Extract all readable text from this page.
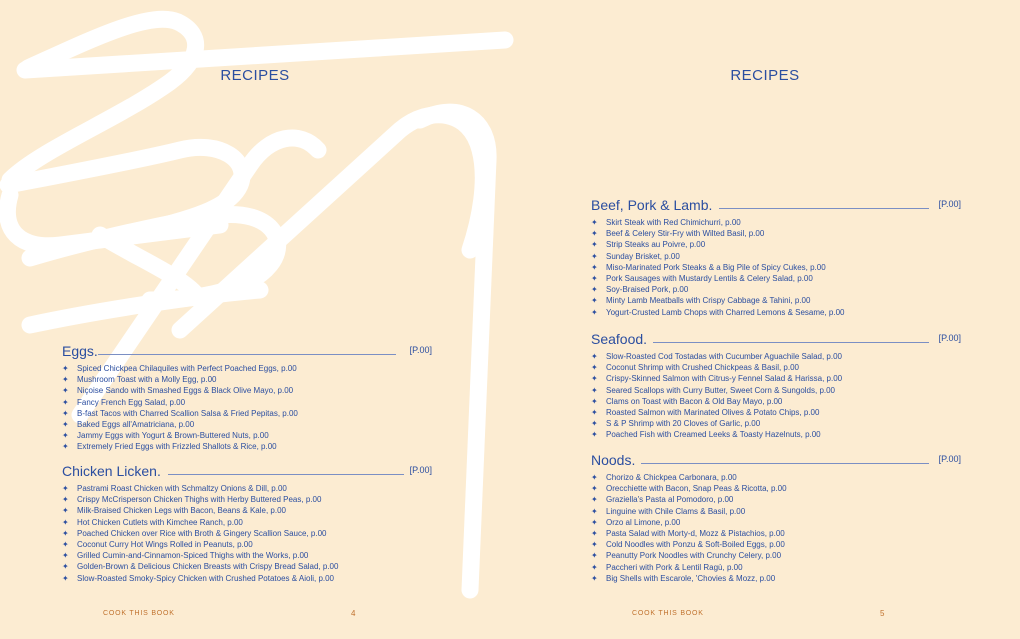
RECIPES
Eggs.	[P.00]
✦ Spiced Chickpea Chilaquiles with Perfect Poached Eggs, p.00
✦ Mushroom Toast with a Molly Egg, p.00
✦ Niçoise Sando with Smashed Eggs & Black Olive Mayo, p.00
✦ Fancy French Egg Salad, p.00
✦ B-fast Tacos with Charred Scallion Salsa & Fried Pepitas, p.00
✦ Baked Eggs all'Amatriciana, p.00
✦ Jammy Eggs with Yogurt & Brown-Buttered Nuts, p.00
✦ Extremely Fried Eggs with Frizzled Shallots & Rice, p.00
Chicken Licken.	[P.00]
✦ Pastrami Roast Chicken with Schmaltzy Onions & Dill, p.00
✦ Crispy McCrisperson Chicken Thighs with Herby Buttered Peas, p.00
✦ Milk-Braised Chicken Legs with Bacon, Beans & Kale, p.00
✦ Hot Chicken Cutlets with Kimchee Ranch, p.00
✦ Poached Chicken over Rice with Broth & Gingery Scallion Sauce, p.00
✦ Coconut Curry Hot Wings Rolled in Peanuts, p.00
✦ Grilled Cumin-and-Cinnamon-Spiced Thighs with the Works, p.00
✦ Golden-Brown & Delicious Chicken Breasts with Crispy Bread Salad, p.00
✦ Slow-Roasted Smoky-Spicy Chicken with Crushed Potatoes & Aioli, p.00
COOK THIS BOOK	4
RECIPES
Beef, Pork & Lamb.	[P.00]
✦ Skirt Steak with Red Chimichurri, p.00
✦ Beef & Celery Stir-Fry with Wilted Basil, p.00
✦ Strip Steaks au Poivre, p.00
✦ Sunday Brisket, p.00
✦ Miso-Marinated Pork Steaks & a Big Pile of Spicy Cukes, p.00
✦ Pork Sausages with Mustardy Lentils & Celery Salad, p.00
✦ Soy-Braised Pork, p.00
✦ Minty Lamb Meatballs with Crispy Cabbage & Tahini, p.00
✦ Yogurt-Crusted Lamb Chops with Charred Lemons & Sesame, p.00
Seafood.	[P.00]
✦ Slow-Roasted Cod Tostadas with Cucumber Aguachile Salad, p.00
✦ Coconut Shrimp with Crushed Chickpeas & Basil, p.00
✦ Crispy-Skinned Salmon with Citrus-y Fennel Salad & Harissa, p.00
✦ Seared Scallops with Curry Butter, Sweet Corn & Sungolds, p.00
✦ Clams on Toast with Bacon & Old Bay Mayo, p.00
✦ Roasted Salmon with Marinated Olives & Potato Chips, p.00
✦ S & P Shrimp with 20 Cloves of Garlic, p.00
✦ Poached Fish with Creamed Leeks & Toasty Hazelnuts, p.00
Noods.	[P.00]
✦ Chorizo & Chickpea Carbonara, p.00
✦ Orecchiette with Bacon, Snap Peas & Ricotta, p.00
✦ Graziella's Pasta al Pomodoro, p.00
✦ Linguine with Chile Clams & Basil, p.00
✦ Orzo al Limone, p.00
✦ Pasta Salad with Morty-d, Mozz & Pistachios, p.00
✦ Cold Noodles with Ponzu & Soft-Boiled Eggs, p.00
✦ Peanutty Pork Noodles with Crunchy Celery, p.00
✦ Paccheri with Pork & Lentil Ragù, p.00
✦ Big Shells with Escarole, 'Chovies & Mozz, p.00
COOK THIS BOOK	5
